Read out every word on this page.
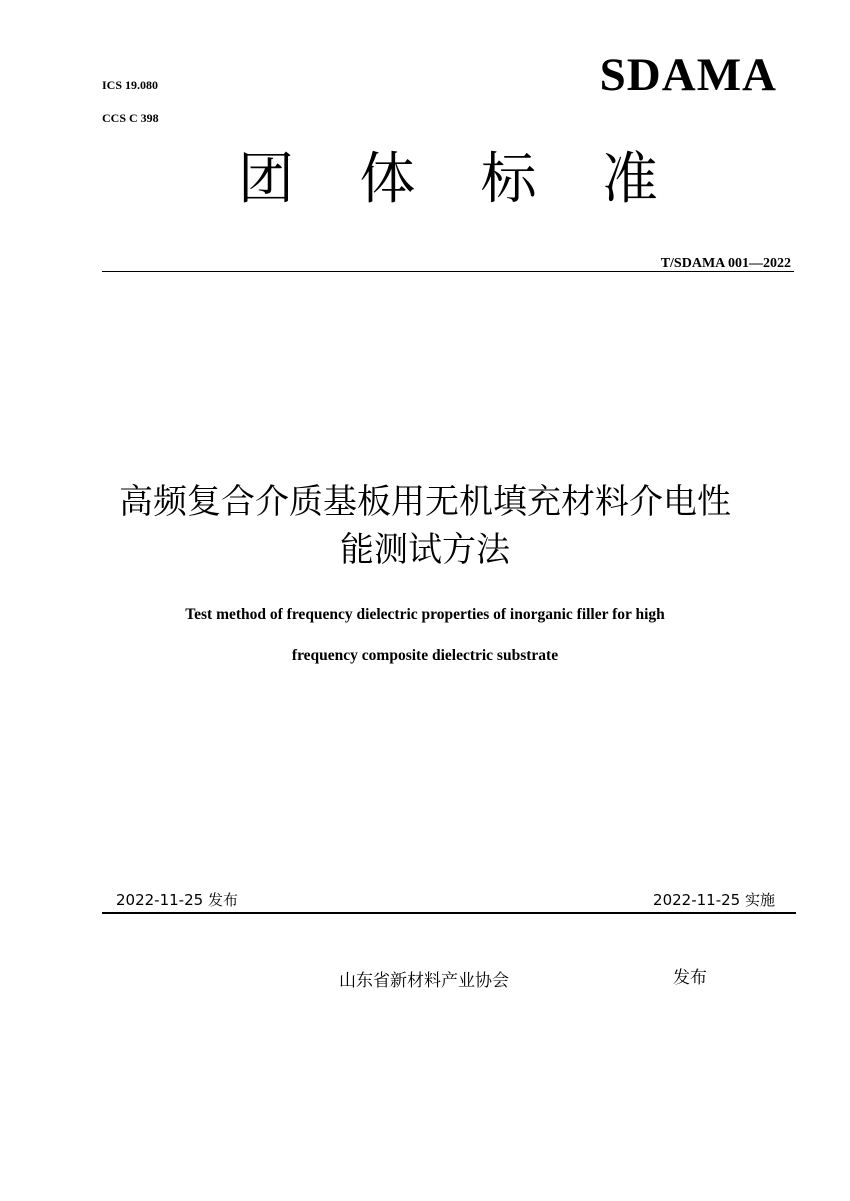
ICS 19.080
CCS C 398
SDAMA
团 体 标 准
T/SDAMA 001—2022
高频复合介质基板用无机填充材料介电性
能测试方法
Test method of frequency dielectric properties of inorganic filler for high
frequency composite dielectric substrate
2022-11-25 发布	2022-11-25 实施
山东省新材料产业协会	发布
